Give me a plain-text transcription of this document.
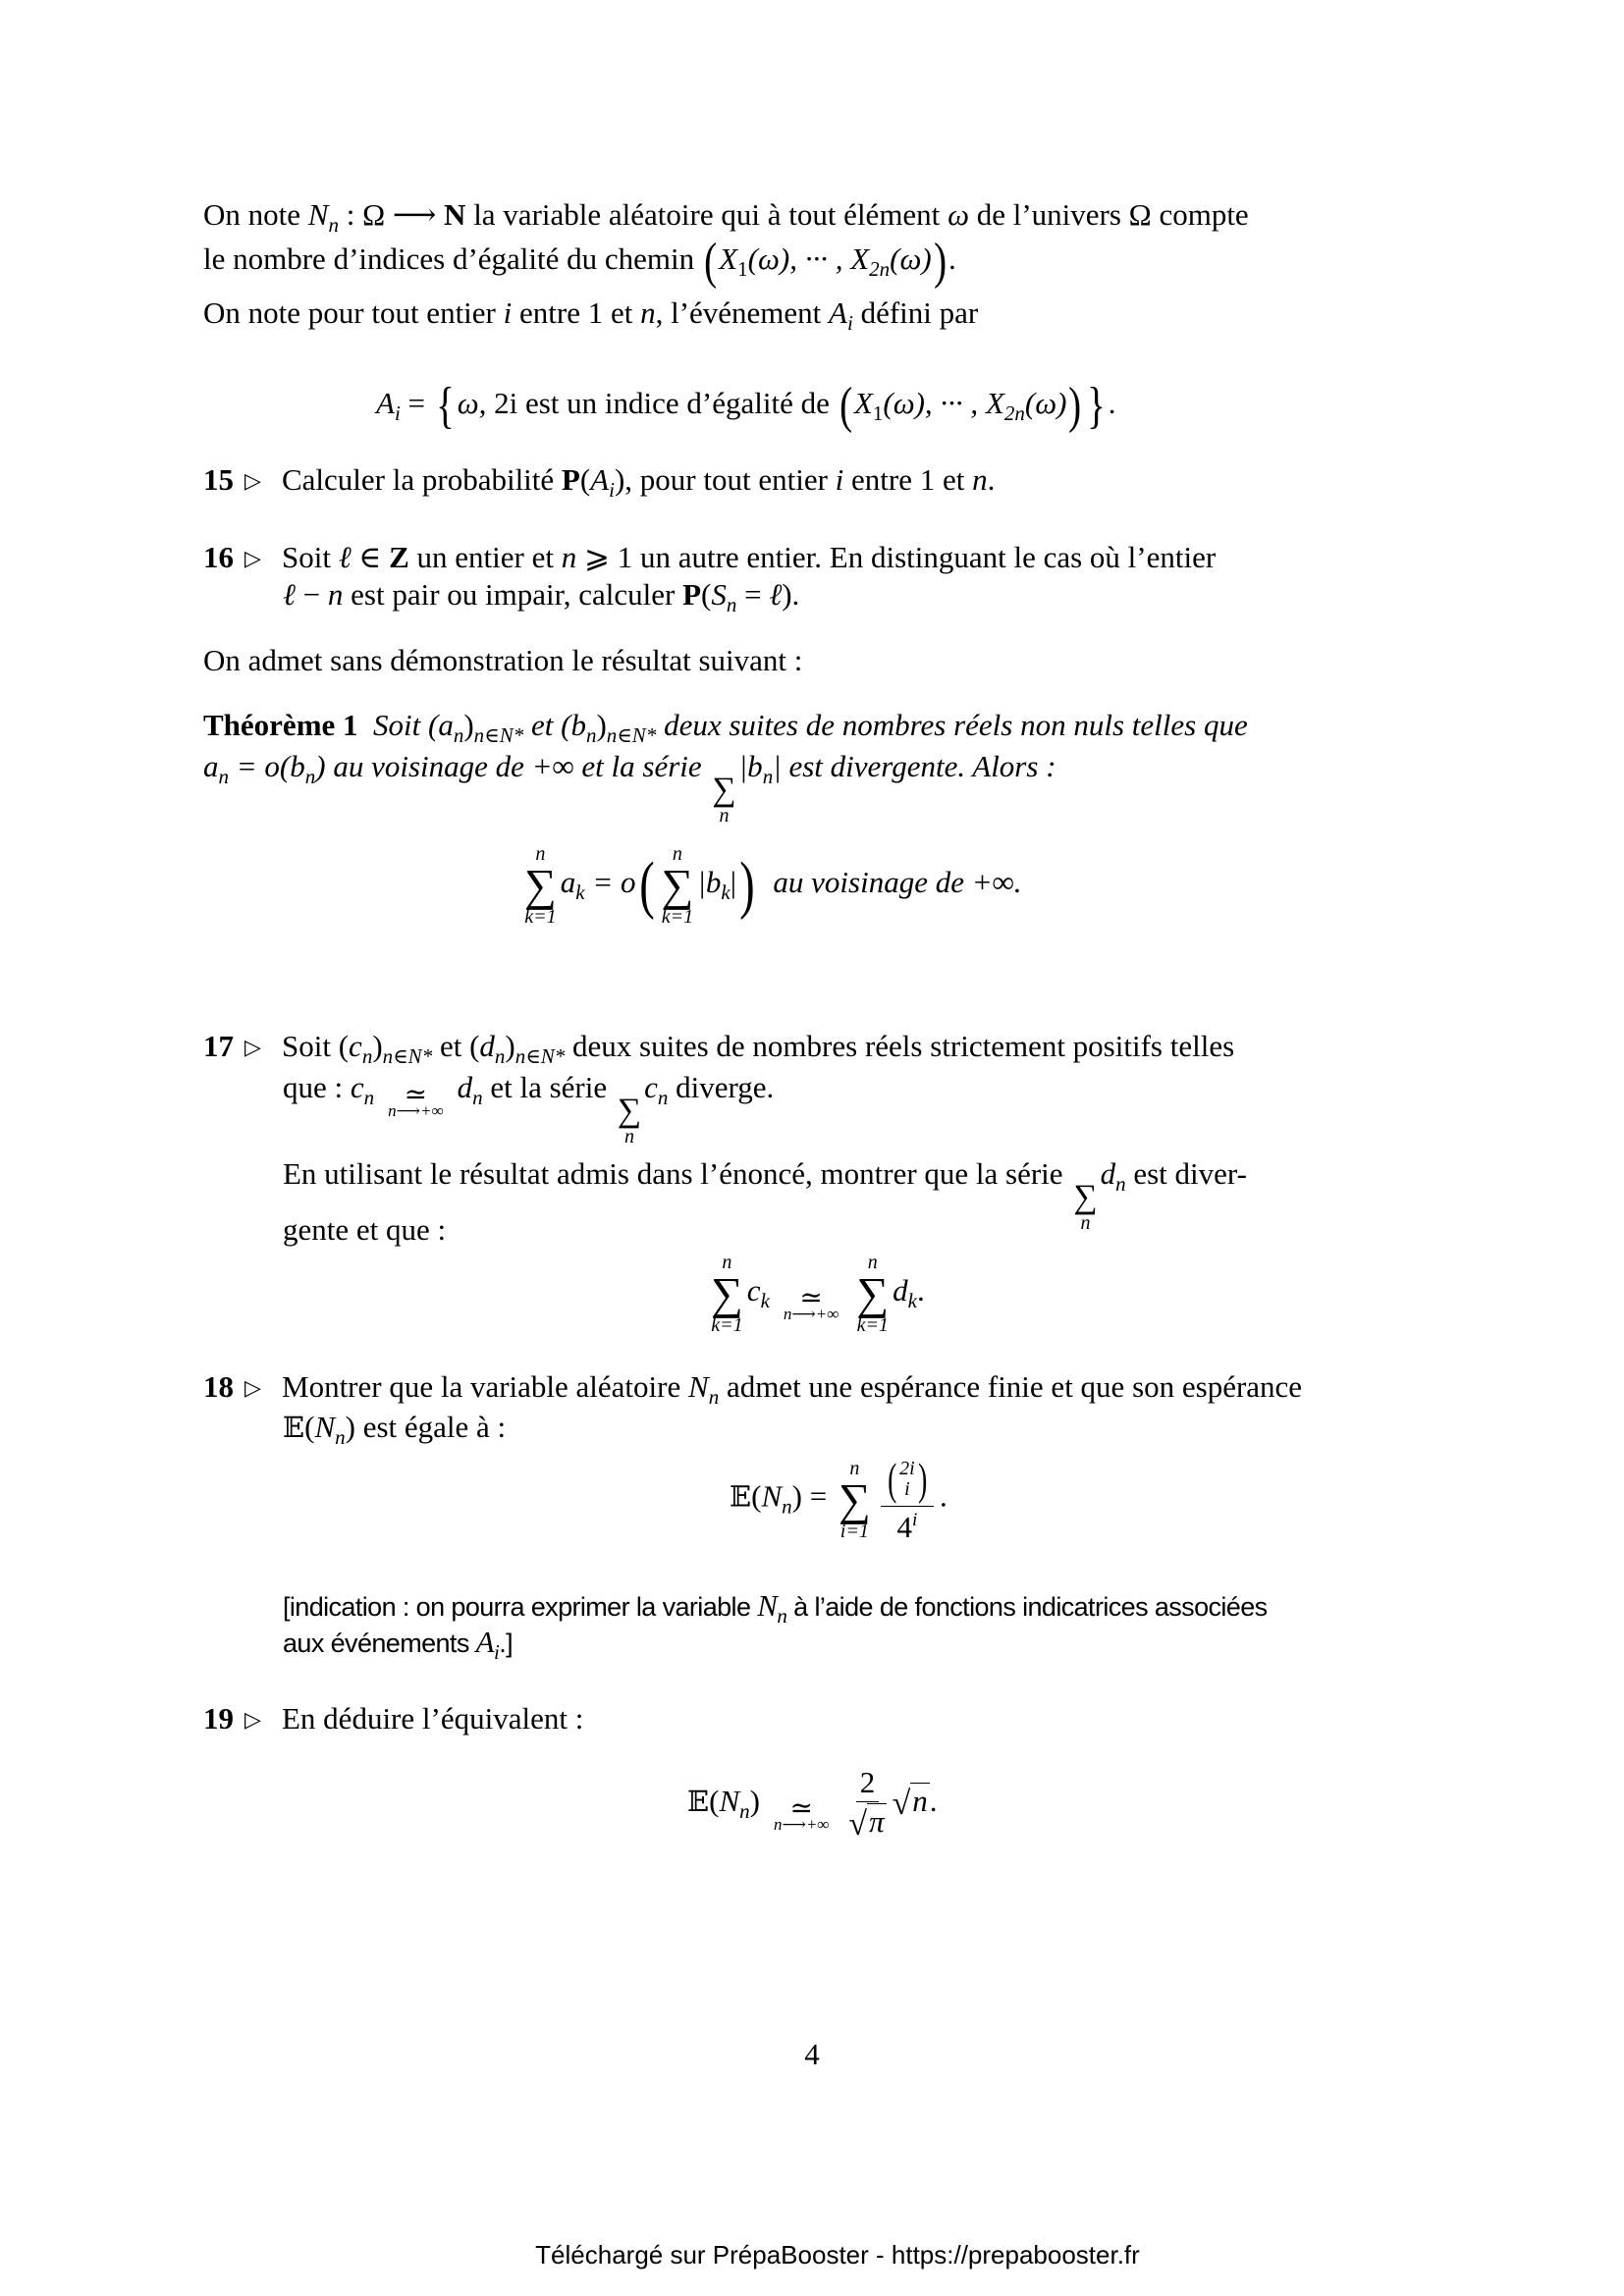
On note $N_n$ : Ω ⟶ N la variable aléatoire qui à tout élément ω de l’univers Ω compte
le nombre d’indices d’égalité du chemin ($X_1(\omega)$, ··· , $X_{2n}(\omega)$).
On note pour tout entier i entre 1 et n, l’événement $A_i$ défini par
$A_i$ = { ω, 2i est un indice d’égalité de ($X_1(\omega)$, ··· , $X_{2n}(\omega)$) } .
15 ▷ Calculer la probabilité $P(A_i)$, pour tout entier i entre 1 et n.
16 ▷ Soit ℓ ∈ Z un entier et n ⩾ 1 un autre entier. En distinguant le cas où l’entier
ℓ − n est pair ou impair, calculer $P(S_n$ = ℓ).
On admet sans démonstration le résultat suivant :
Théorème 1 Soit $(a_n)_{n\in N*}$ et $(b_n)_{n\in N*}$ deux suites de nombres réels non nuls telles que
$a_n = o(b_n)$ au voisinage de +∞ et la série
∑
n
$|b_n|$ est divergente. Alors :
n
∑
k=1
$a_k = o$( n
∑
k=1
$|b_k|$) au voisinage de +∞.
17 ▷ Soit $(c_n)_{n\in N*}$ et $(d_n)_{n\in N*}$ deux suites de nombres réels strictement positifs telles
que : $c_n$ ≃
n⟶+∞
$d_n$ et la série
∑
n
$c_n$ diverge.
En utilisant le résultat admis dans l’énoncé, montrer que la série
∑
n
$d_n$ est diver-
gente et que :
n
∑
k=1
$c_k$ ≃
n⟶+∞
n
∑
k=1
$d_k$.
18 ▷ Montrer que la variable aléatoire $N_n$ admet une espérance finie et que son espérance
$𝔼(N_n)$ est égale à :
$𝔼(N_n)$ =
n
∑
i=1 ( 2i
i )
4$^i$ .
[indication : on pourra exprimer la variable $N_n$ à l’aide de fonctions indicatrices associées
aux événements $A_i$.]
19 ▷ En déduire l’équivalent :
$𝔼(N_n)$ ≃
n⟶+∞ $\frac{2}{√\pi} √n$.
4
Téléchargé sur PrépaBooster - https://prepabooster.fr
